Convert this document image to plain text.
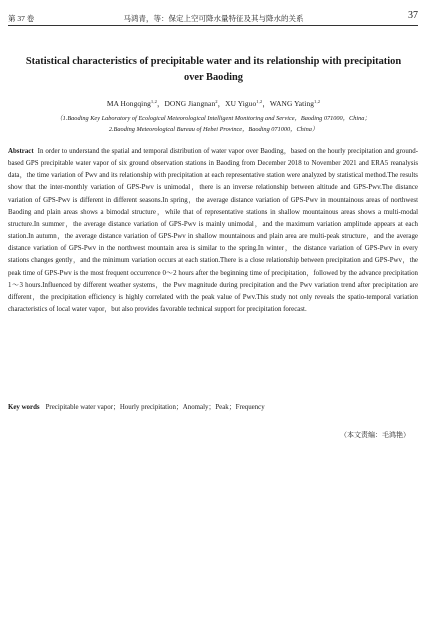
第 37 卷	马鸿青，等：保定上空可降水量特征及其与降水的关系	37
Statistical characteristics of precipitable water and its relationship with precipitation over Baoding
MA Hongqing$^{1,2}$，DONG Jiangnan$^2$，XU Yiguo$^{1,2}$，WANG Yating$^{1,2}$
（1.Baoding Key Laboratory of Ecological Meteorological Intelligent Monitoring and Service，Baoding 071000，China；
2.Baoding Meteorological Bureau of Hebei Province，Baoding 071000，China）
Abstract In order to understand the spatial and temporal distribution of water vapor over Baoding，based on the hourly precipitation and ground-based GPS precipitable water vapor of six ground observation stations in Baoding from December 2018 to November 2021 and ERA5 reanalysis data，the time variation of Pwv and its relationship with precipitation at each representative station were analyzed by statistical method.The results show that the inter-monthly variation of GPS-Pwv is unimodal，there is an inverse relationship between altitude and GPS-Pwv.The distance variation of GPS-Pwv is different in different seasons.In spring，the average distance variation of GPS-Pwv in mountainous areas of northwest Baoding and plain areas shows a bimodal structure，while that of representative stations in shallow mountainous areas shows a multi-modal structure.In summer，the average distance variation of GPS-Pwv is mainly unimodal，and the maximum variation amplitude appears at each station.In autumn，the average distance variation of GPS-Pwv in shallow mountainous and plain area are multi-peak structure，and the average distance variation of GPS-Pwv in the northwest mountain area is similar to the spring.In winter，the distance variation of GPS-Pwv in every stations changes gently，and the minimum variation occurs at each station.There is a close relationship between precipitation and GPS-Pwv，the peak time of GPS-Pwv is the most frequent occurrence 0～2 hours after the beginning time of precipitation，followed by the advance precipitation 1～3 hours.Influenced by different weather systems，the Pwv magnitude during precipitation and the Pwv variation trend after precipitation are different，the precipitation efficiency is highly correlated with the peak value of Pwv.This study not only reveals the spatio-temporal variation characteristics of local water vapor，but also provides favorable technical support for precipitation forecast.
Key words Precipitable water vapor；Hourly precipitation；Anomaly；Peak；Frequency
（本文责编：毛鸿艳）
